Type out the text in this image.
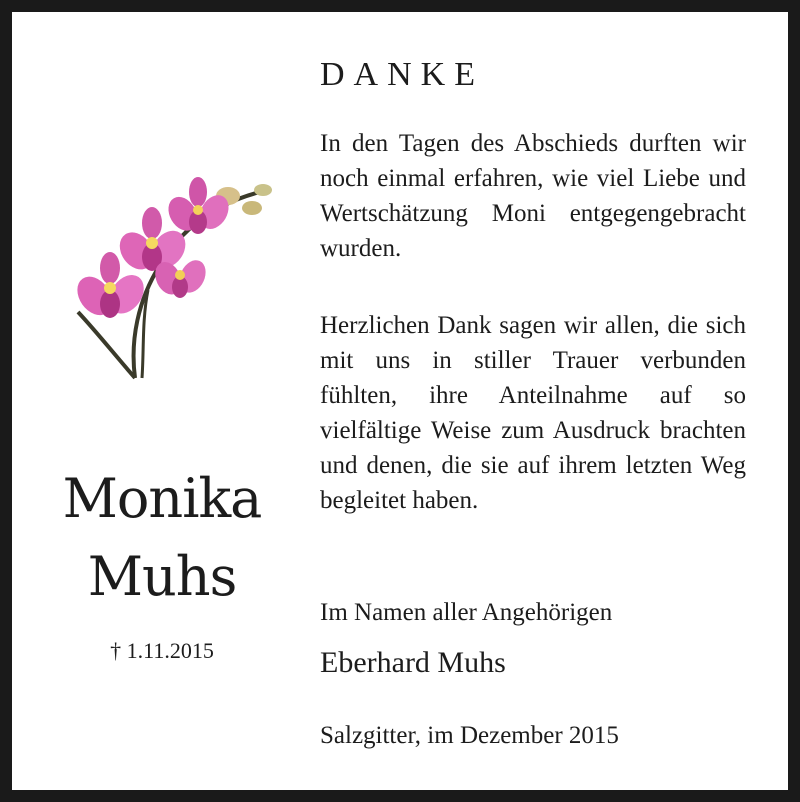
Monika
Muhs
† 1.11.2015
DANKE
In den Tagen des Abschieds durften wir noch einmal erfahren, wie viel Liebe und Wertschätzung Moni entgegengebracht wurden.
Herzlichen Dank sagen wir allen, die sich mit uns in stiller Trauer verbunden fühlten, ihre Anteilnahme auf so vielfältige Weise zum Ausdruck brachten und denen, die sie auf ihrem letzten Weg begleitet haben.
Im Namen aller Angehörigen
Eberhard Muhs
Salzgitter, im Dezember 2015
